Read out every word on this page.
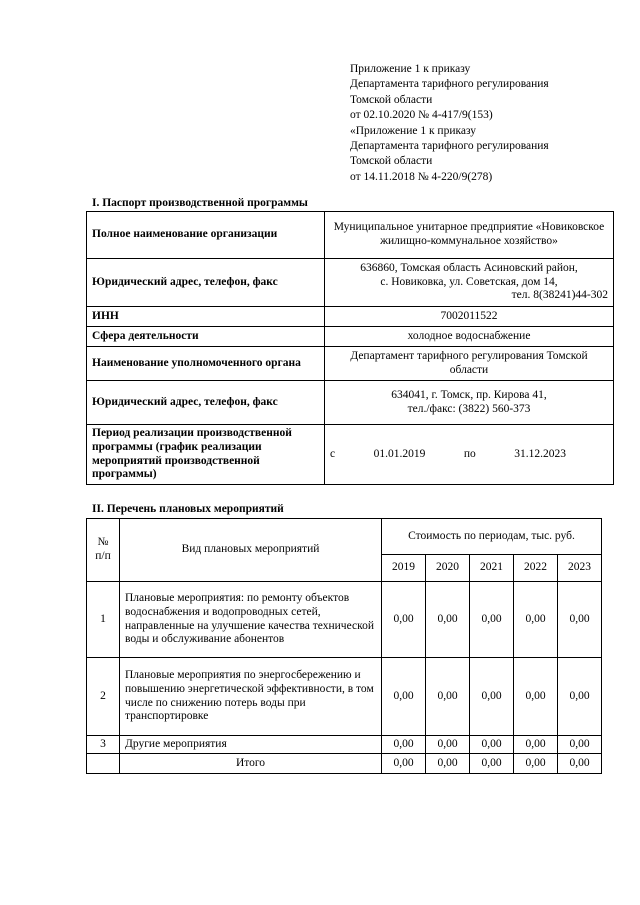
Приложение 1 к приказу
Департамента тарифного регулирования
Томской области
от 02.10.2020 № 4-417/9(153)
«Приложение 1 к приказу
Департамента тарифного регулирования
Томской области
от 14.11.2018 № 4-220/9(278)
I. Паспорт производственной программы
Полное наименование организации	Муниципальное унитарное предприятие «Новиковское жилищно-коммунальное хозяйство»
Юридический адрес, телефон, факс	636860, Томская область Асиновский район,
с. Новиковка, ул. Советская, дом 14,
тел. 8(38241)44-302

ИНН	7002011522
Сфера деятельности	холодное водоснабжение
Наименование уполномоченного органа	Департамент тарифного регулирования Томской области
Юридический адрес, телефон, факс	634041, г. Томск, пр. Кирова 41,
тел./факс: (3822) 560-373

Период реализации производственной программы (график реализации мероприятий производственной программы)	с 01.01.2019 по 31.12.2023
II. Перечень плановых мероприятий
№ п/п	Вид плановых мероприятий	Стоимость по периодам, тыс. руб.				
		2019	2020	2021	2022	2023
1	Плановые мероприятия: по ремонту объектов водоснабжения и водопроводных сетей, направленные на улучшение качества технической воды и обслуживание абонентов	0,00	0,00	0,00	0,00	0,00
2	Плановые мероприятия по энергосбережению и повышению энергетической эффективности, в том числе по снижению потерь воды при транспортировке	0,00	0,00	0,00	0,00	0,00
3	Другие мероприятия	0,00	0,00	0,00	0,00	0,00
	Итого	0,00	0,00	0,00	0,00	0,00
